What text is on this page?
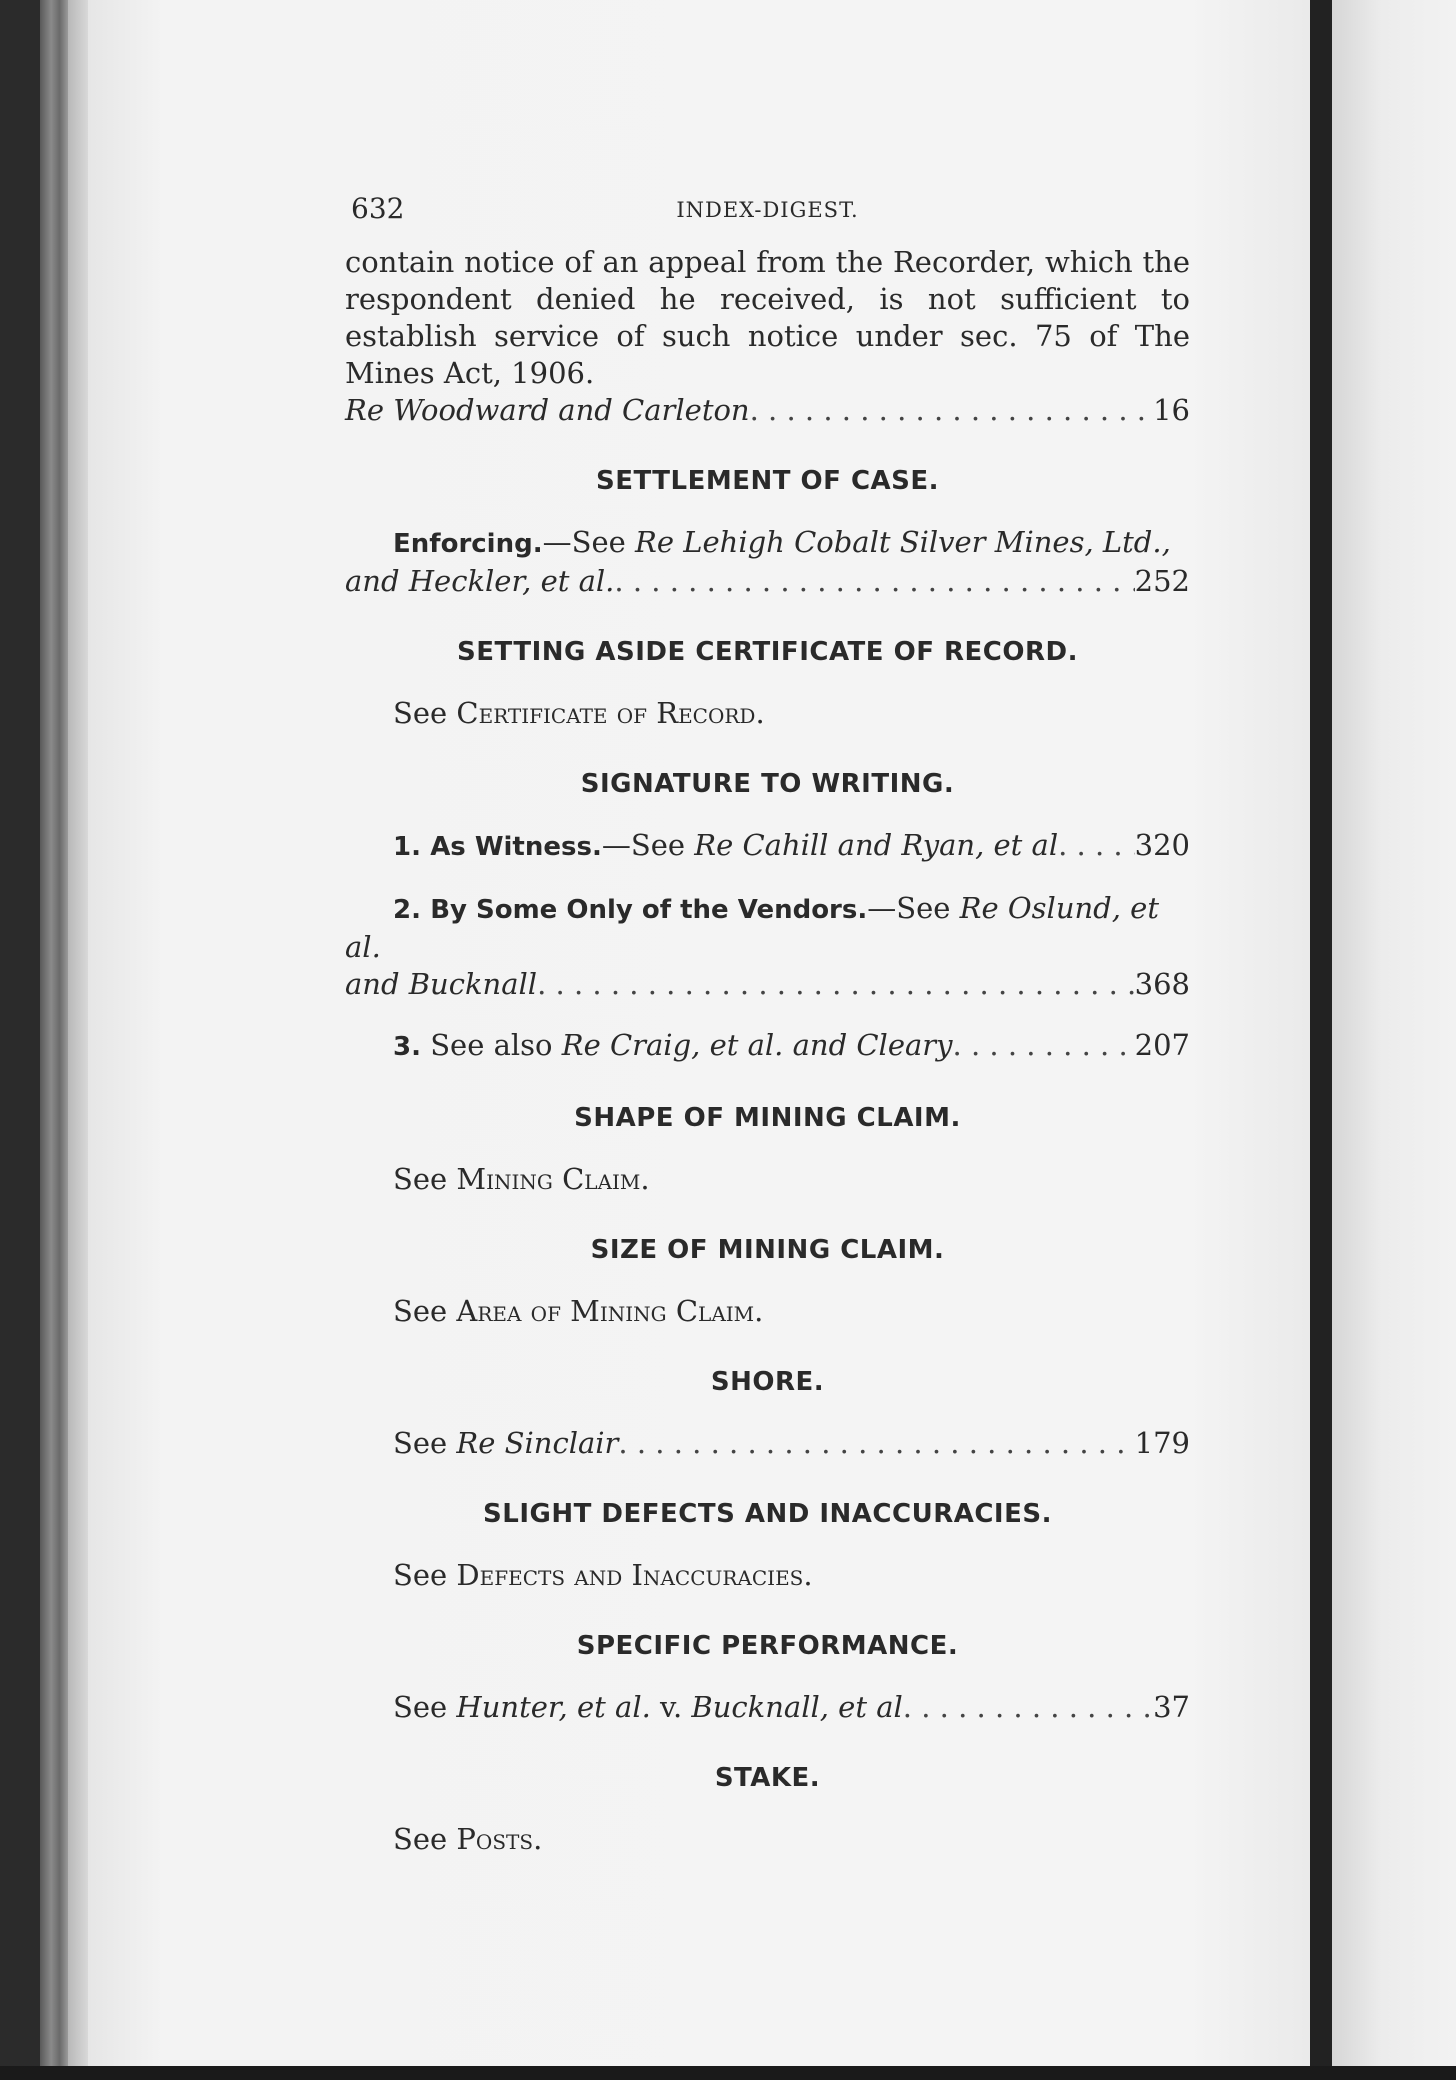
632	INDEX-DIGEST.

contain notice of an appeal from the Recorder, which the respondent denied he received, is not sufficient to establish service of such notice under sec. 75 of The Mines Act, 1906.

Re Woodward and Carleton . . .	16
SETTLEMENT OF CASE.
Enforcing.—See Re Lehigh Cobalt Silver Mines, Ltd.,
and Heckler, et al. . . .	252
SETTING ASIDE CERTIFICATE OF RECORD.
See Certificate of Record.
SIGNATURE TO WRITING.
1. As Witness.—See Re Cahill and Ryan, et al . . .	320
2. By Some Only of the Vendors.—See Re Oslund, et al.
and Bucknall . . .	368
3. See also Re Craig, et al. and Cleary . . .	207
SHAPE OF MINING CLAIM.
See Mining Claim.
SIZE OF MINING CLAIM.
See Area of Mining Claim.
SHORE.
See Re Sinclair . . .	179
SLIGHT DEFECTS AND INACCURACIES.
See Defects and Inaccuracies.
SPECIFIC PERFORMANCE.
See Hunter, et al. v. Bucknall, et al . . .	37
STAKE.
See Posts.
